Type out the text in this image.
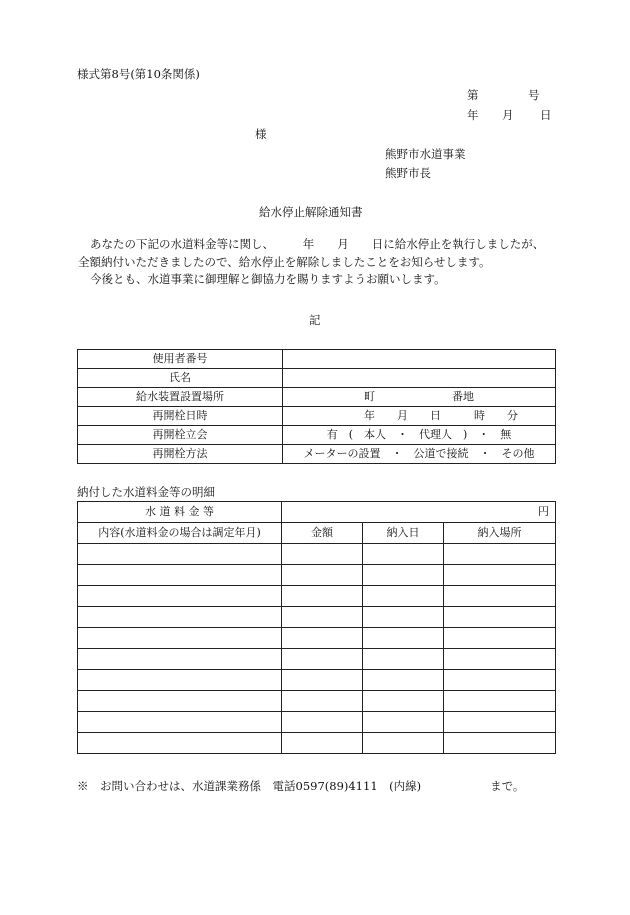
様式第8号(第10条関係)
第	号
年 月 日
様
熊野市水道事業
熊野市長
給水停止解除通知書

あなたの下記の水道料金等に関し、　　　年　　月　　日に給水停止を執行しましたが、

全額納付いただきましたので、給水停止を解除しましたことをお知らせします。

今後とも、水道事業に御理解と御協力を賜りますようお願いします。

記
使用者番号	
氏名	
給水装置設置場所	町　　　　　　　番地
再開栓日時	　　　　年　　月　　日　　　時　　分
再開栓立会	有　(　本人　・　代理人　)　・　無
再開栓方法	メーターの設置　・　公道で接続　・　その他
納付した水道料金等の明細
水 道 料 金 等	円		
内容(水道料金の場合は調定年月)	金額	納入日	納入場所

※　お問い合わせは、水道課業務係　電話0597(89)4111　(内線)　　　　　　まで。
